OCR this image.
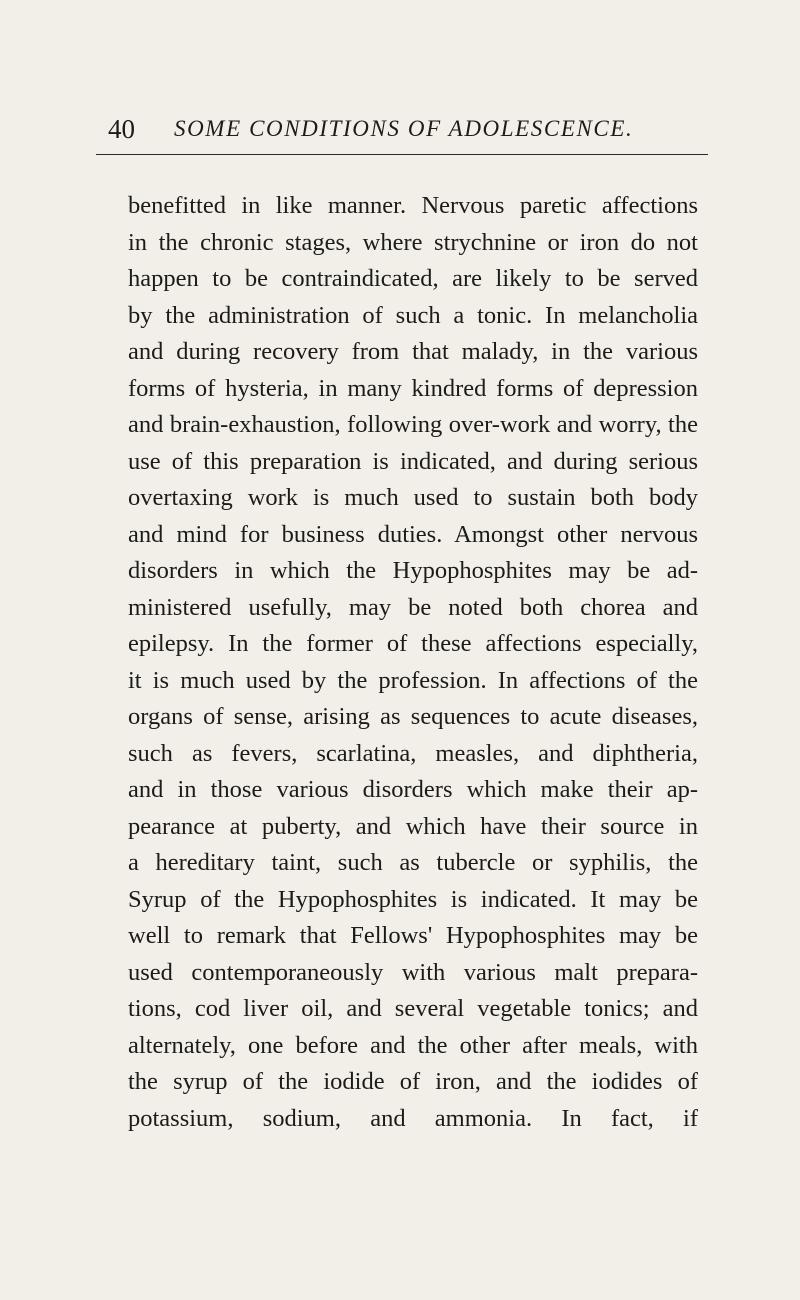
40 SOME CONDITIONS OF ADOLESCENCE.
benefitted in like manner. Nervous paretic affections
in the chronic stages, where strychnine or iron do not
happen to be contraindicated, are likely to be served
by the administration of such a tonic. In melancholia
and during recovery from that malady, in the various
forms of hysteria, in many kindred forms of depression
and brain-exhaustion, following over-work and worry, the
use of this preparation is indicated, and during serious
overtaxing work is much used to sustain both body
and mind for business duties. Amongst other nervous
disorders in which the Hypophosphites may be ad-
ministered usefully, may be noted both chorea and
epilepsy. In the former of these affections especially,
it is much used by the profession. In affections of the
organs of sense, arising as sequences to acute diseases,
such as fevers, scarlatina, measles, and diphtheria,
and in those various disorders which make their ap-
pearance at puberty, and which have their source in
a hereditary taint, such as tubercle or syphilis, the
Syrup of the Hypophosphites is indicated. It may be
well to remark that Fellows' Hypophosphites may be
used contemporaneously with various malt prepara-
tions, cod liver oil, and several vegetable tonics; and
alternately, one before and the other after meals, with
the syrup of the iodide of iron, and the iodides of
potassium, sodium, and ammonia. In fact, if
